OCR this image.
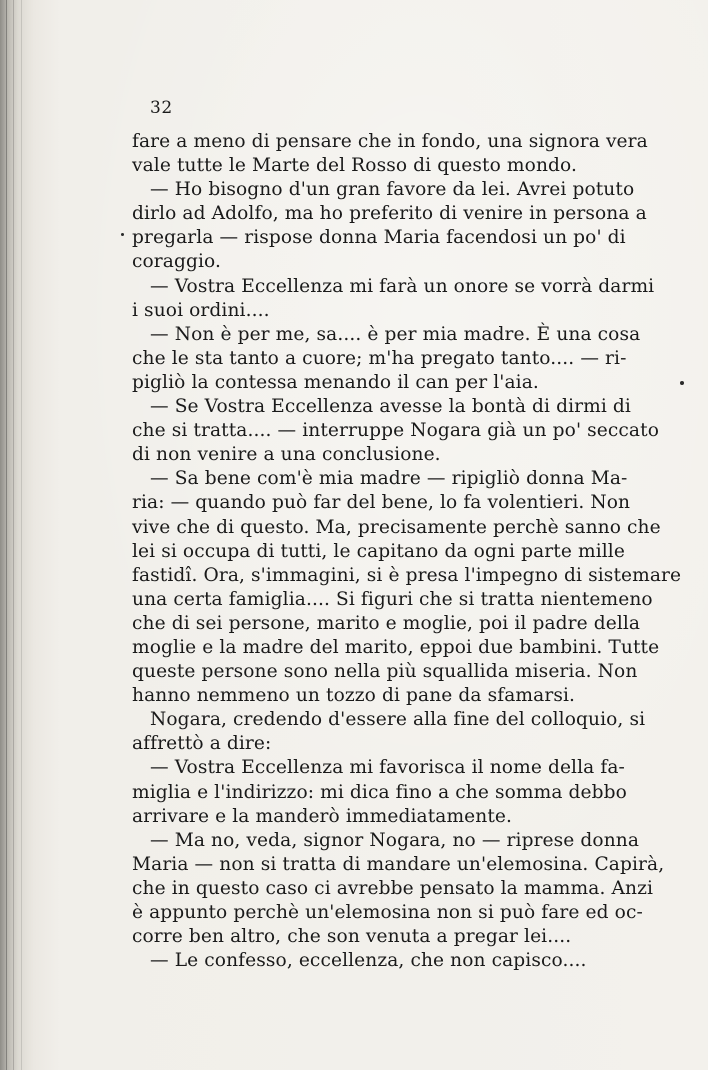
32
fare a meno di pensare che in fondo, una signora vera
vale tutte le Marte del Rosso di questo mondo.
— Ho bisogno d'un gran favore da lei. Avrei potuto
dirlo ad Adolfo, ma ho preferito di venire in persona a
pregarla — rispose donna Maria facendosi un po' di
coraggio.
— Vostra Eccellenza mi farà un onore se vorrà darmi
i suoi ordini....
— Non è per me, sa.... è per mia madre. È una cosa
che le sta tanto a cuore; m'ha pregato tanto.... — ri-
pigliò la contessa menando il can per l'aia.
— Se Vostra Eccellenza avesse la bontà di dirmi di
che si tratta.... — interruppe Nogara già un po' seccato
di non venire a una conclusione.
— Sa bene com'è mia madre — ripigliò donna Ma-
ria: — quando può far del bene, lo fa volentieri. Non
vive che di questo. Ma, precisamente perchè sanno che
lei si occupa di tutti, le capitano da ogni parte mille
fastidî. Ora, s'immagini, si è presa l'impegno di sistemare
una certa famiglia.... Si figuri che si tratta nientemeno
che di sei persone, marito e moglie, poi il padre della
moglie e la madre del marito, eppoi due bambini. Tutte
queste persone sono nella più squallida miseria. Non
hanno nemmeno un tozzo di pane da sfamarsi.
Nogara, credendo d'essere alla fine del colloquio, si
affrettò a dire:
— Vostra Eccellenza mi favorisca il nome della fa-
miglia e l'indirizzo: mi dica fino a che somma debbo
arrivare e la manderò immediatamente.
— Ma no, veda, signor Nogara, no — riprese donna
Maria — non si tratta di mandare un'elemosina. Capirà,
che in questo caso ci avrebbe pensato la mamma. Anzi
è appunto perchè un'elemosina non si può fare ed oc-
corre ben altro, che son venuta a pregar lei....
— Le confesso, eccellenza, che non capisco....
